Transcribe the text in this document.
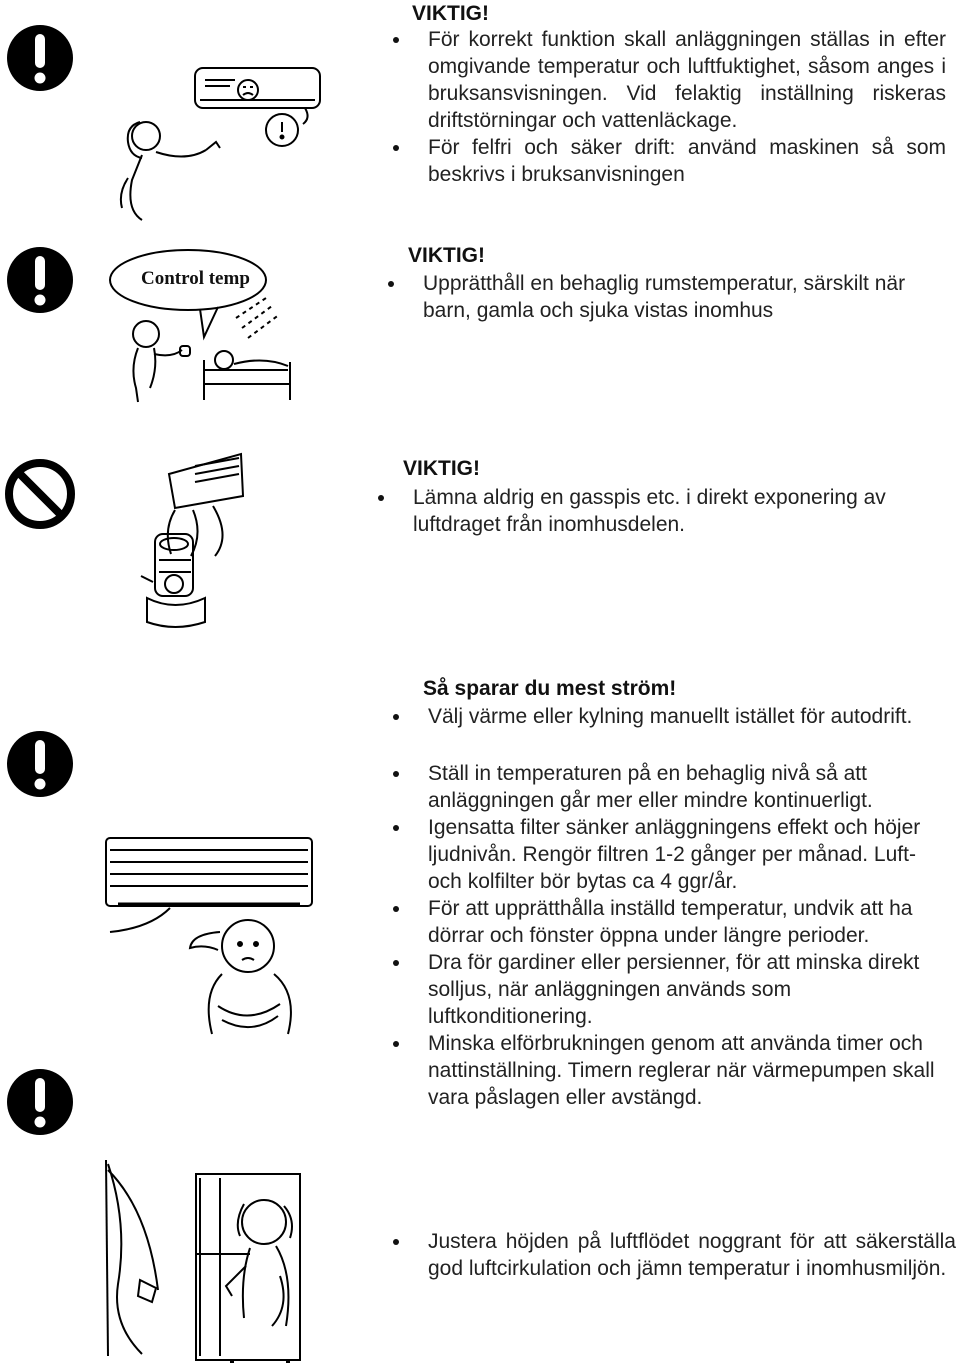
Control temp
VIKTIG!
För korrekt funktion skall anläggningen ställas in efter omgivande temperatur och luftfuktighet, såsom anges i bruksansvisningen. Vid felaktig inställning riskeras driftstörningar och vattenläckage.
För felfri och säker drift: använd maskinen så som beskrivs i bruksanvisningen
VIKTIG!
Upprätthåll en behaglig rumstemperatur, särskilt när barn, gamla och sjuka vistas inomhus
VIKTIG!
Lämna aldrig en gasspis etc. i direkt exponering av luftdraget från inomhusdelen.
Så sparar du mest ström!
Välj värme eller kylning manuellt istället för autodrift.
Ställ in temperaturen på en behaglig nivå så att anläggningen går mer eller mindre kontinuerligt.
Igensatta filter sänker anläggningens effekt och höjer ljudnivån. Rengör filtren 1-2 gånger per månad. Luft- och kolfilter bör bytas ca 4 ggr/år.
För att upprätthålla inställd temperatur, undvik att ha dörrar och fönster öppna under längre perioder.
Dra för gardiner eller persienner, för att minska direkt solljus, när anläggningen används som luftkonditionering.
Minska elförbrukningen genom att använda timer och nattinställning. Timern reglerar när värmepumpen skall vara påslagen eller avstängd.
Justera höjden på luftflödet noggrant för att säkerställa god luftcirkulation och jämn temperatur i inomhusmiljön.
